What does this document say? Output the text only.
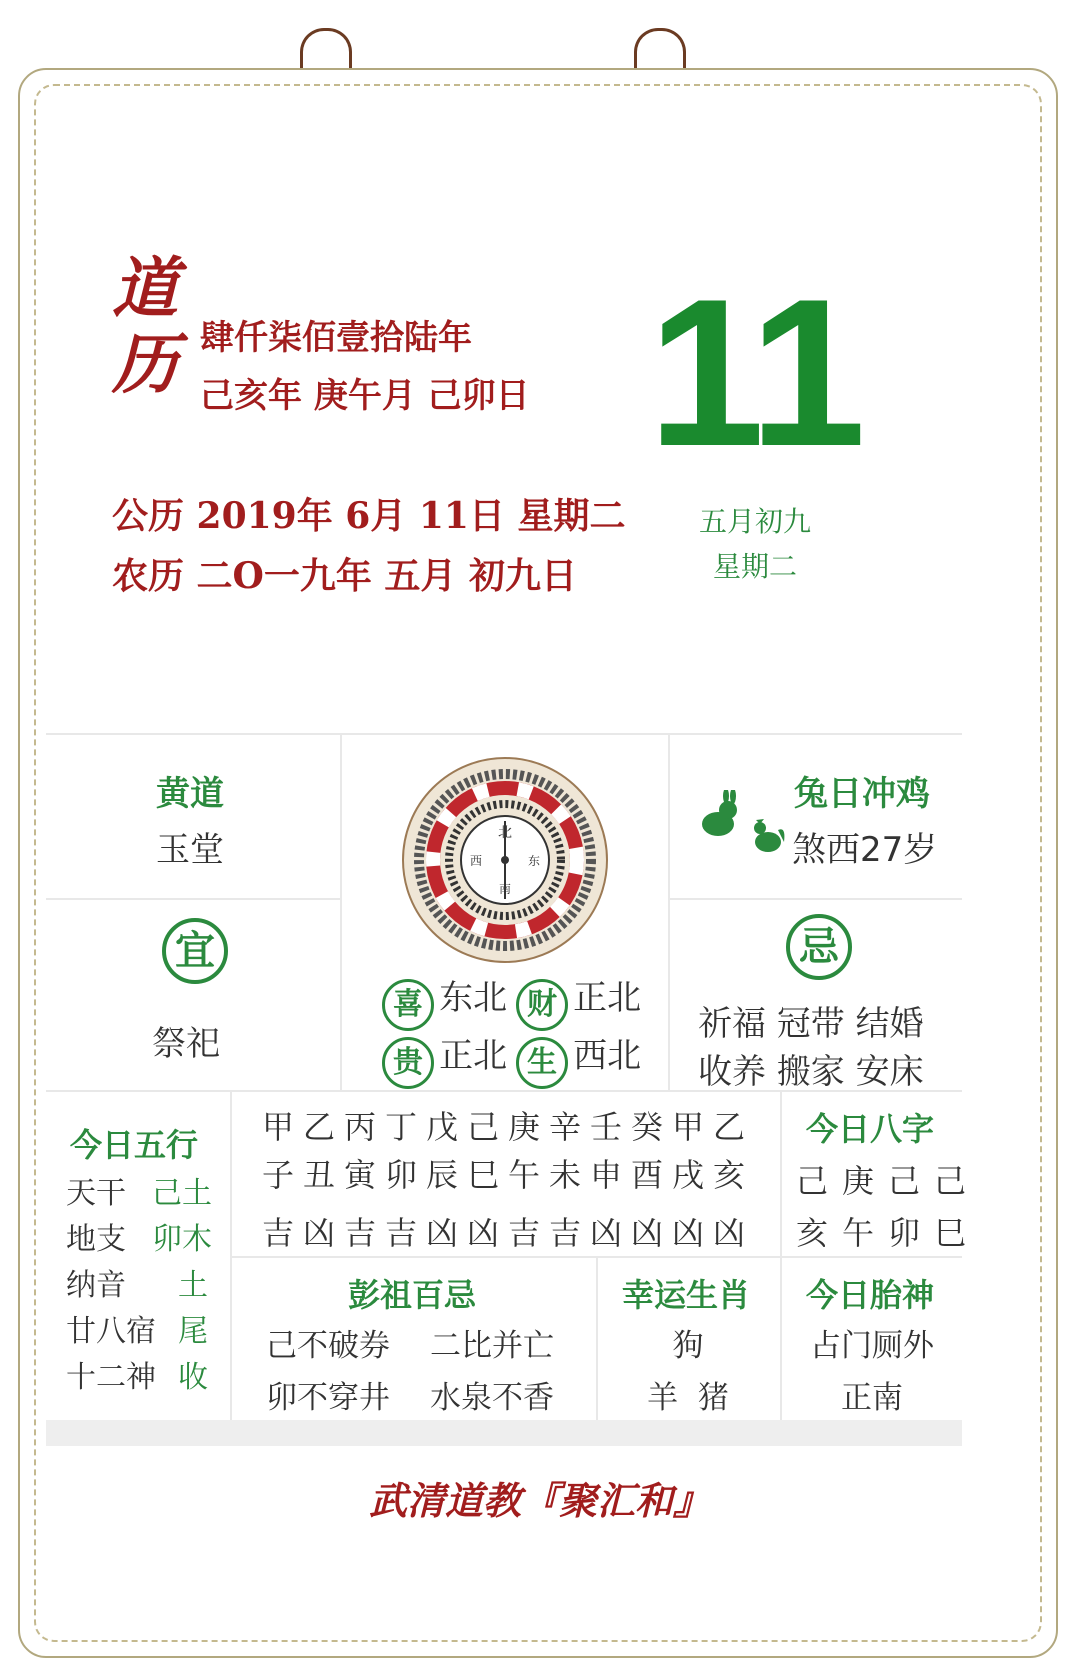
道
历 肆仟柒佰壹拾陆年
己亥年 庚午月 己卯日
公历 2019年 6月 11日 星期二
农历 二O一九年 五月 初九日
11
五月初九
星期二
黄道
玉堂
宜
祭祀
北
东
西
南
喜 东北 财 正北
贵 正北 生 西北
兔日冲鸡
煞西27岁
忌
祈福 冠带 结婚
收养 搬家 安床
今日五行
天干 己土
地支 卯木
纳音 土
廿八宿 尾
十二神 收
甲乙丙丁戊己庚辛壬癸甲乙
子丑寅卯辰巳午未申酉戌亥
吉凶吉吉凶凶吉吉凶凶凶凶
今日八字
己庚己己
亥午卯巳
彭祖百忌
己不破券 二比并亡
卯不穿井 水泉不香
幸运生肖
狗
羊  猪
今日胎神
占门厕外
正南
武清道教『聚汇和』
